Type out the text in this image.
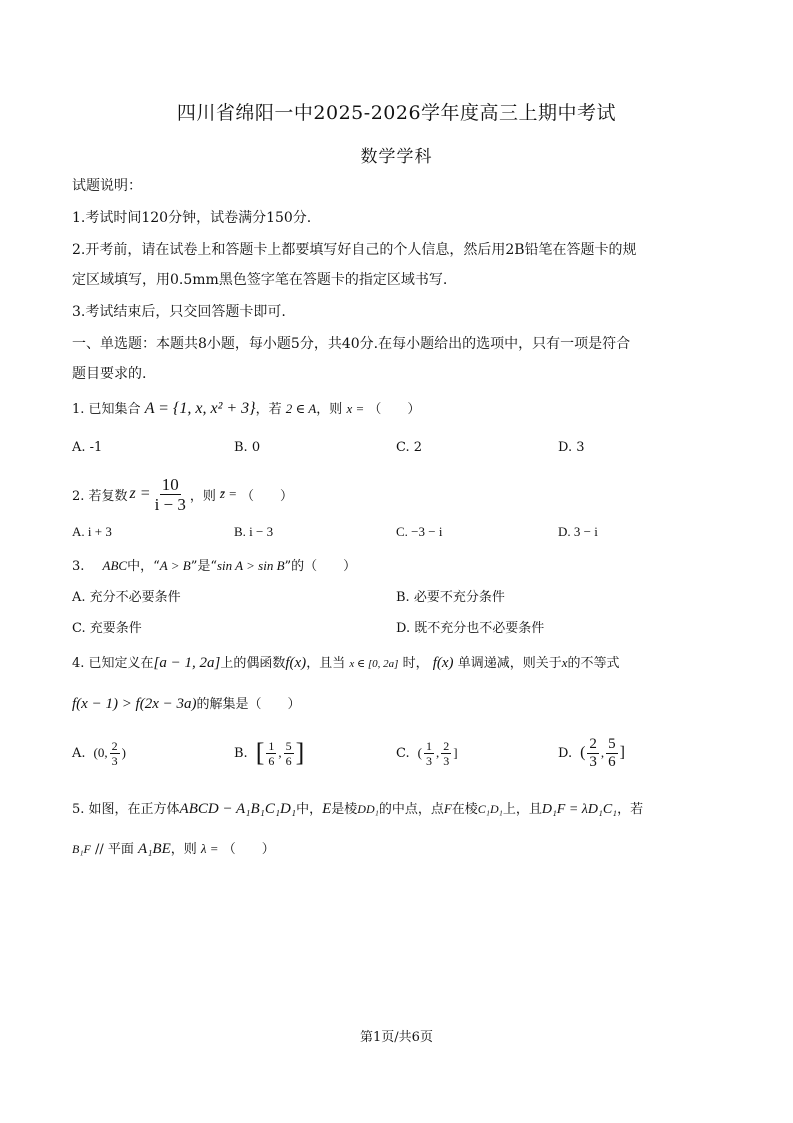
四川省绵阳一中2025-2026学年度高三上期中考试
数学学科
试题说明：
1.考试时间120分钟，试卷满分150分.
2.开考前，请在试卷上和答题卡上都要填写好自己的个人信息，然后用2B铅笔在答题卡的规
定区域填写，用0.5mm黑色签字笔在答题卡的指定区域书写.
3.考试结束后，只交回答题卡即可.
一、单选题：本题共8小题，每小题5分，共40分.在每小题给出的选项中，只有一项是符合
题目要求的.
1. 已知集合 A = {1, x, x² + 3}，若 2 ∈ A，则 x = （　　）
A. -1	B. 0	C. 2	D. 3
2. 若复数 $z = \frac{10}{i - 3}$ ，则 z̄ = （　　）
A. i + 3	B. i − 3	C. −3 − i	D. 3 − i
3. ABC中，“A > B”是“sin A > sin B”的（　　）
A. 充分不必要条件	B. 必要不充分条件
C. 充要条件	D. 既不充分也不必要条件
4. 已知定义在[a − 1, 2a]上的偶函数f(x)，且当 x ∈ [0, 2a] 时， f(x) 单调递减，则关于x的不等式
f(x − 1) > f(2x − 3a)的解集是（　　）
A. (0, $\frac{2}{3}$ )	B. [ $\frac{1}{6}$ , $\frac{5}{6}$ ]	C. ( $\frac{1}{3}$ , $\frac{2}{3}$ ]	D. ( $\frac{2}{3}$ , $\frac{5}{6}$ ]
5. 如图，在正方体ABCD − A₁B₁C₁D₁中，E是棱DD₁的中点，点F在棱C₁D₁上，且D₁F = λD₁C₁，若
B₁F // 平面 A₁BE，则 λ = （　　）
第1页/共6页
